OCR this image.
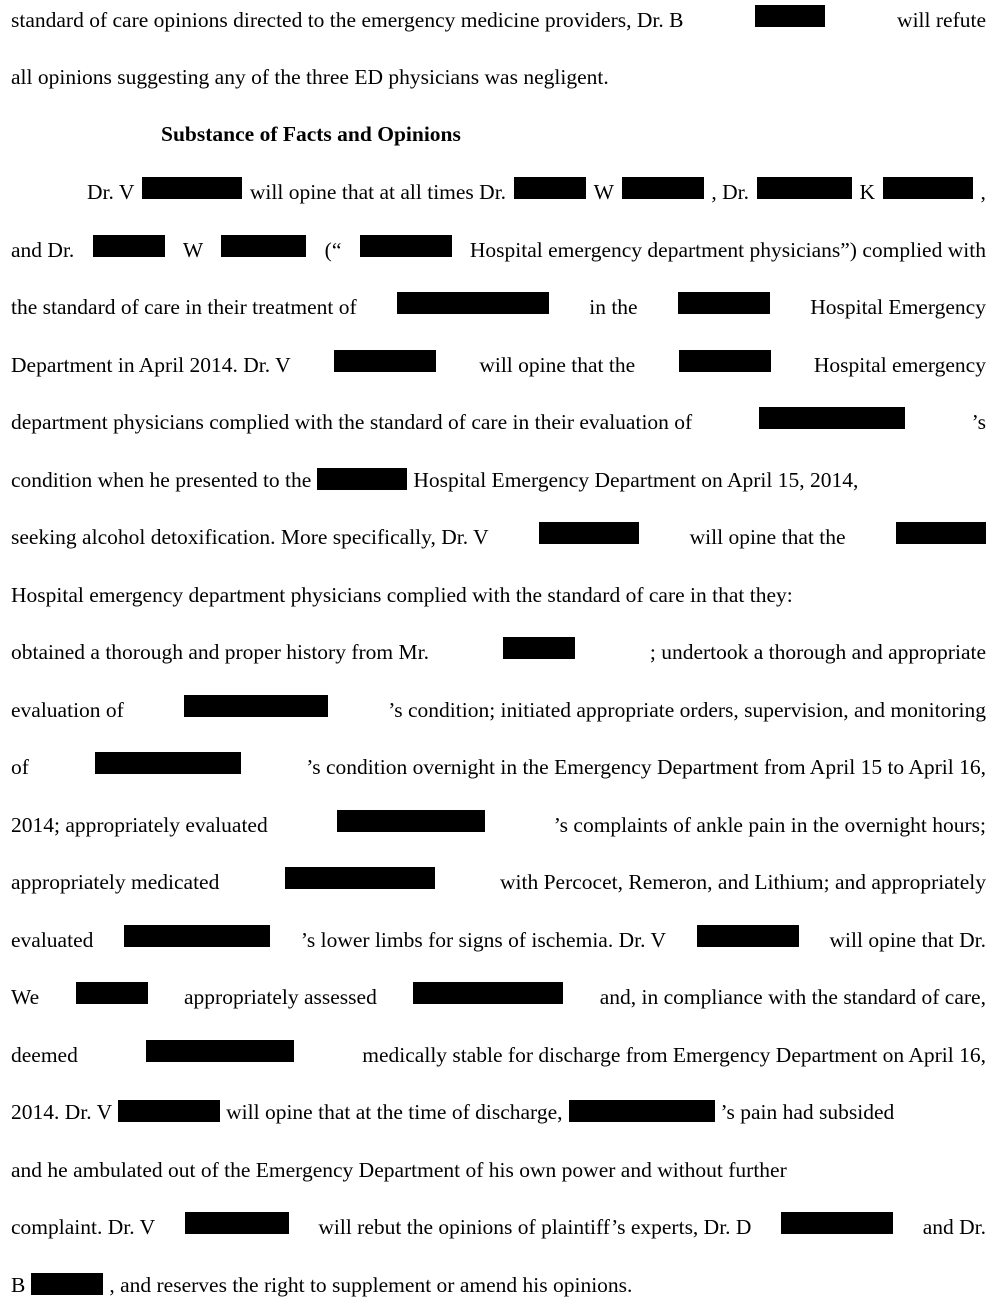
standard of care opinions directed to the emergency medicine providers, Dr. B	will refute
all opinions suggesting any of the three ED physicians was negligent.
Substance of Facts and Opinions
Dr. V	will opine that at all times Dr.	W	, Dr.	K	,
and Dr.	W	(“	Hospital emergency department physicians”) complied with
the standard of care in their treatment of	in the	Hospital Emergency
Department in April 2014. Dr. V	will opine that the	Hospital emergency
department physicians complied with the standard of care in their evaluation of	’s
condition when he presented to the	Hospital Emergency Department on April 15, 2014,
seeking alcohol detoxification. More specifically, Dr. V	will opine that the
Hospital emergency department physicians complied with the standard of care in that they:
obtained a thorough and proper history from Mr.	; undertook a thorough and appropriate
evaluation of	’s condition; initiated appropriate orders, supervision, and monitoring
of	’s condition overnight in the Emergency Department from April 15 to April 16,
2014; appropriately evaluated	’s complaints of ankle pain in the overnight hours;
appropriately medicated	with Percocet, Remeron, and Lithium; and appropriately
evaluated	’s lower limbs for signs of ischemia. Dr. V	will opine that Dr.
We	appropriately assessed	and, in compliance with the standard of care,
deemed	medically stable for discharge from Emergency Department on April 16,
2014. Dr. V	will opine that at the time of discharge,	’s pain had subsided
and he ambulated out of the Emergency Department of his own power and without further
complaint. Dr. V	will rebut the opinions of plaintiff’s experts, Dr. D	and Dr.
B	, and reserves the right to supplement or amend his opinions.
